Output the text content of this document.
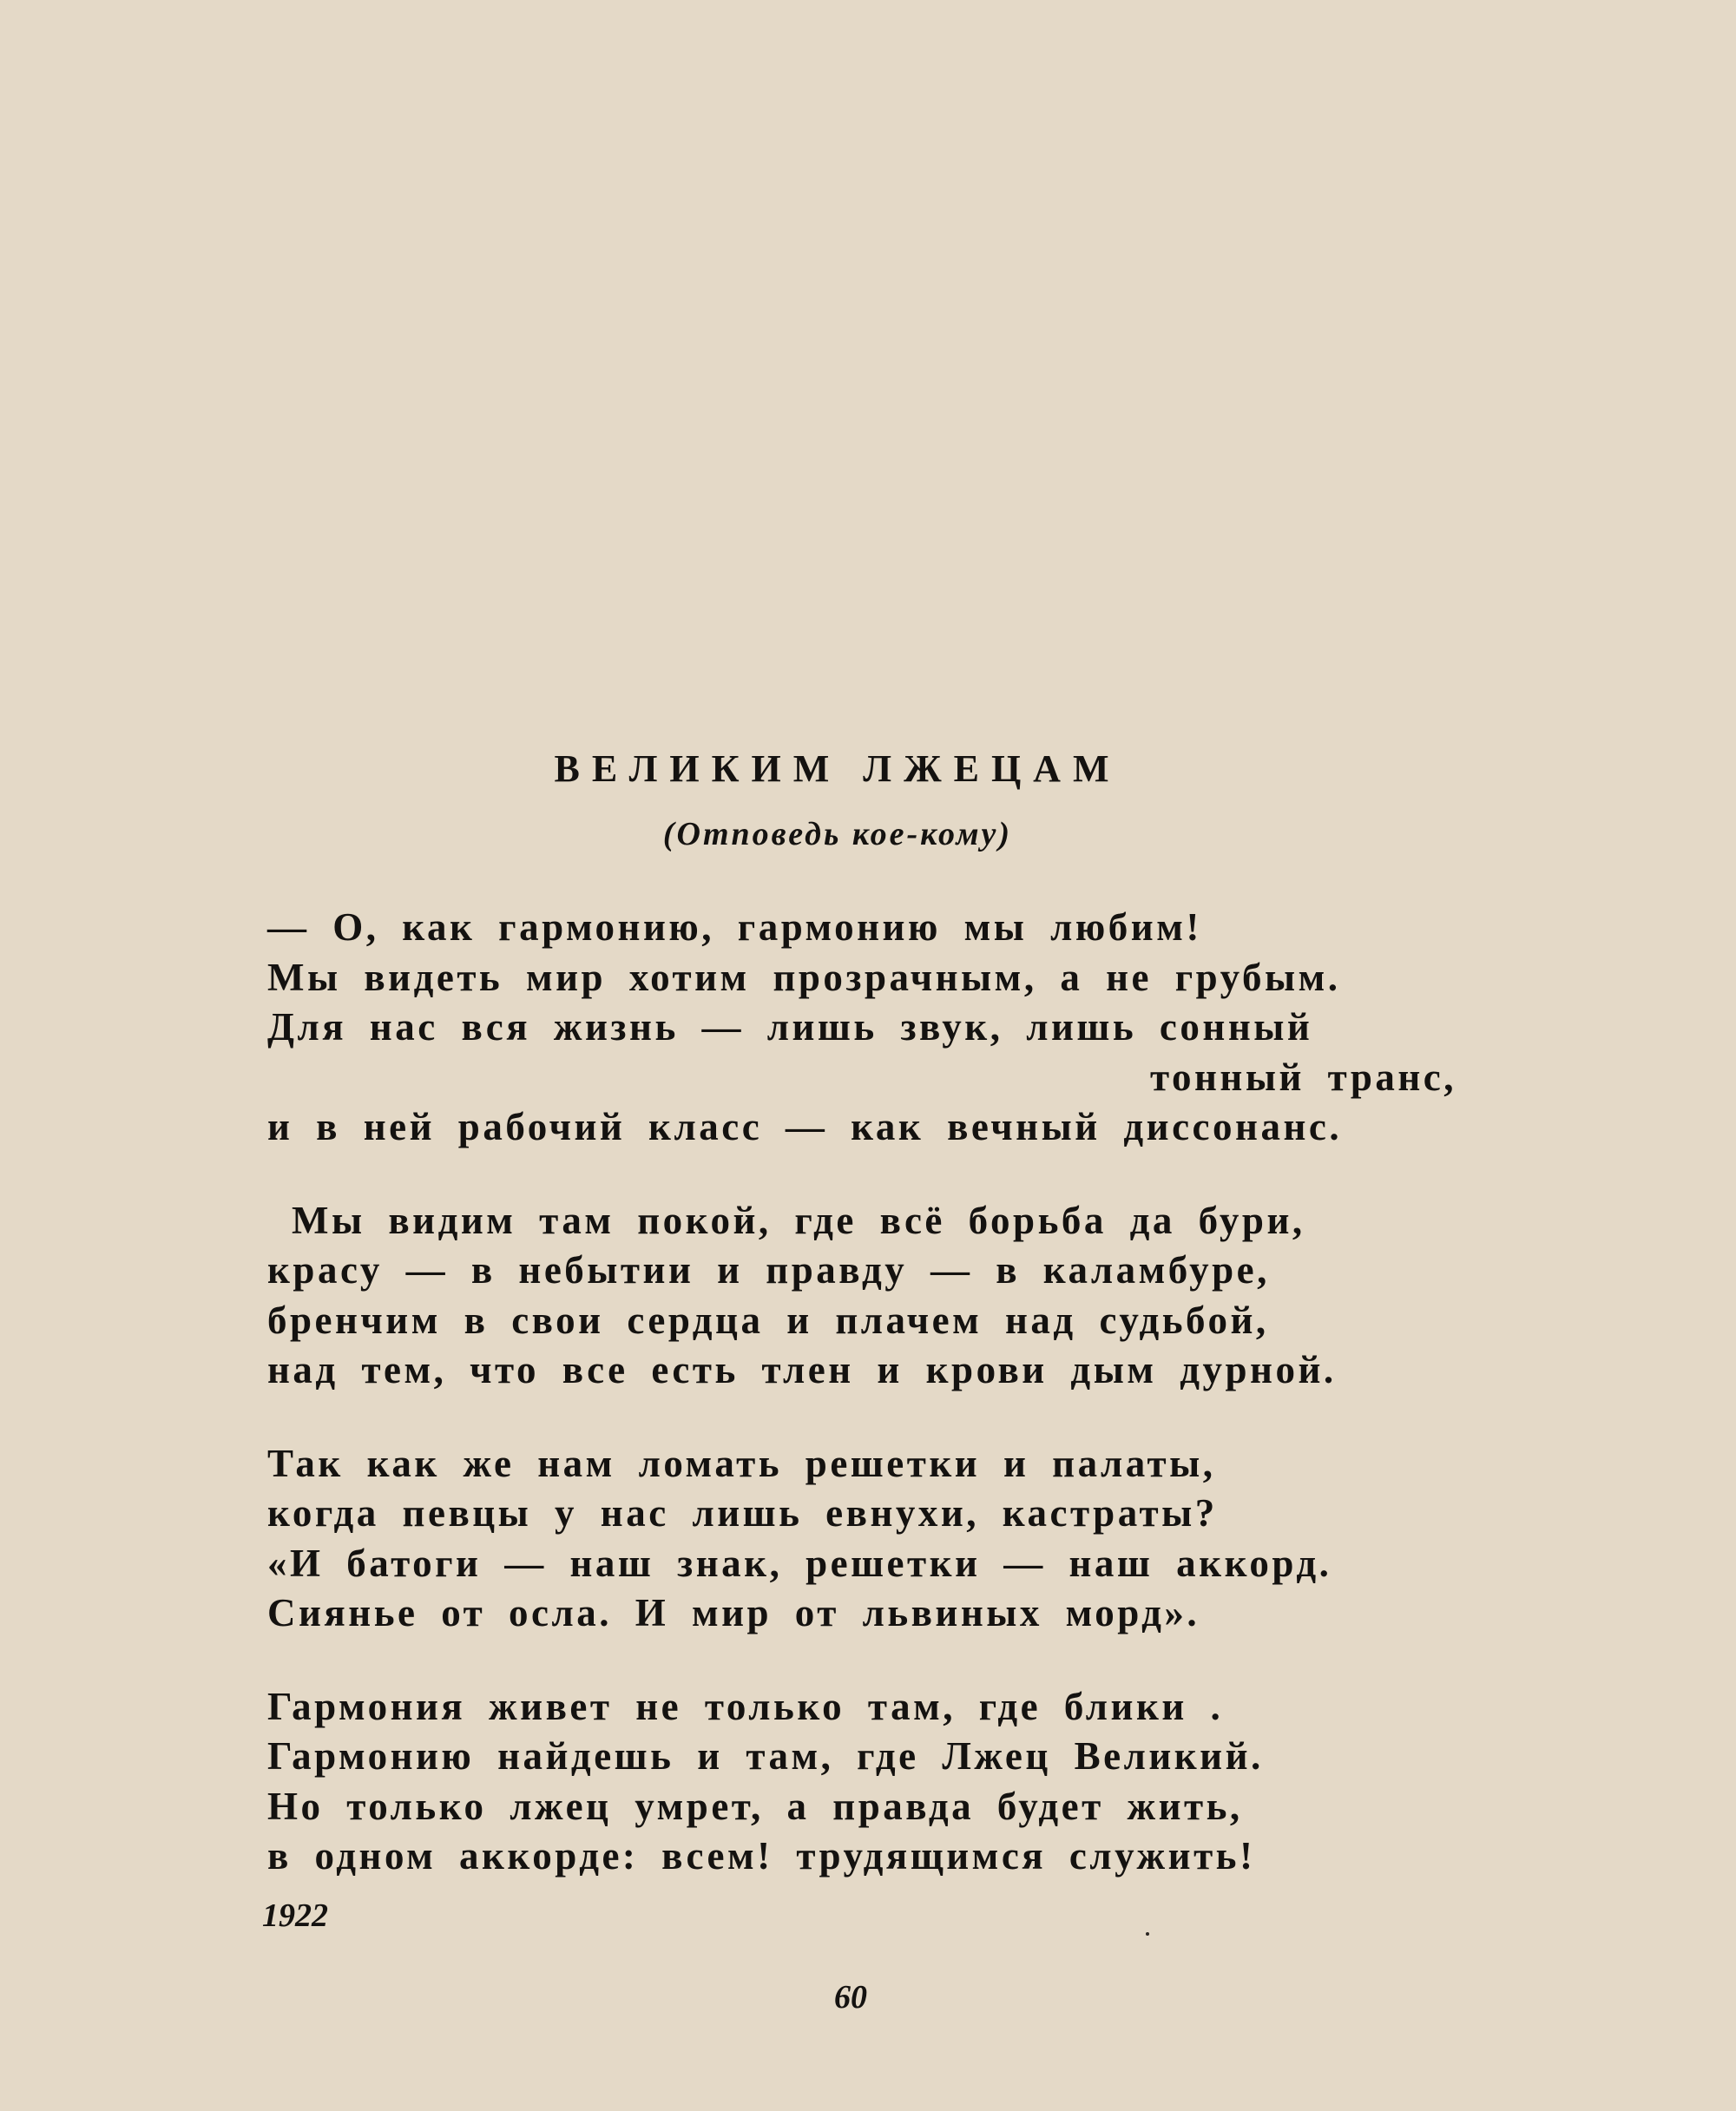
ВЕЛИКИМ ЛЖЕЦАМ
(Отповедь кое-кому)
— О, как гармонию, гармонию мы любим!
Мы видеть мир хотим прозрачным, а не грубым.
Для нас вся жизнь — лишь звук, лишь сонный
тонный транс,
и в ней рабочий класс — как вечный диссонанс.
Мы видим там покой, где всё борьба да бури,
красу — в небытии и правду — в каламбуре,
бренчим в свои сердца и плачем над судьбой,
над тем, что все есть тлен и крови дым дурной.
Так как же нам ломать решетки и палаты,
когда певцы у нас лишь евнухи, кастраты?
«И батоги — наш знак, решетки — наш аккорд.
Сиянье от осла. И мир от львиных морд».
Гармония живет не только там, где блики .
Гармонию найдешь и там, где Лжец Великий.
Но только лжец умрет, а правда будет жить,
в одном аккорде: всем! трудящимся служить!
1922
60
